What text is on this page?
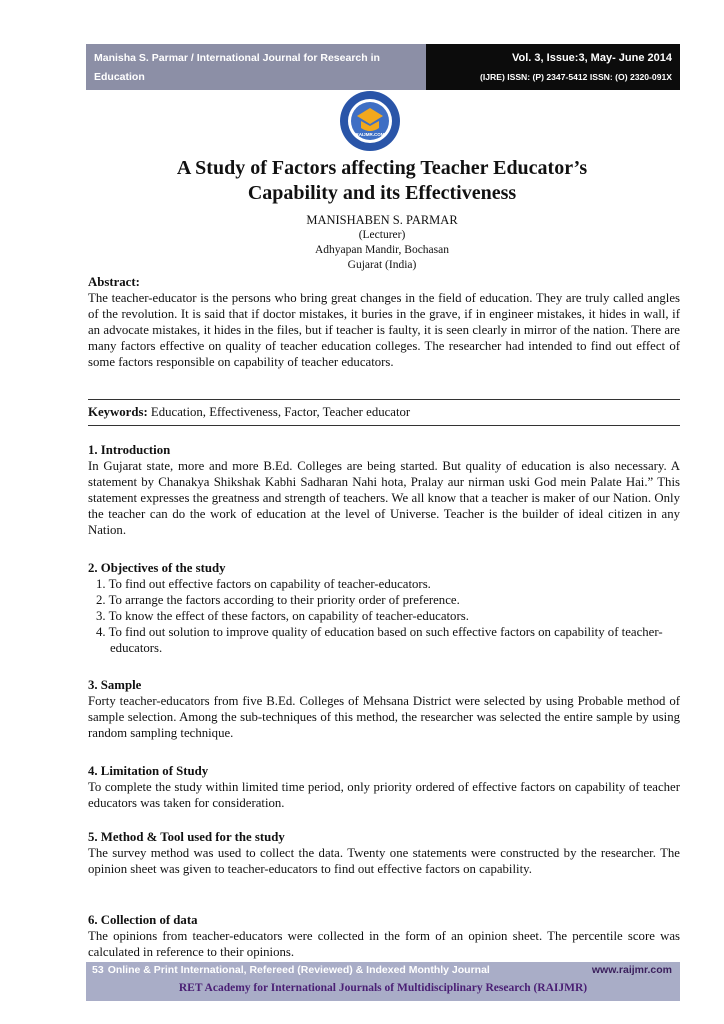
Manisha S. Parmar / International Journal for Research in
Education
Vol. 3, Issue:3, May- June 2014
(IJRE) ISSN: (P) 2347-5412 ISSN: (O) 2320-091X
RAIJMR.COM
A Study of Factors affecting Teacher Educator’s
Capability and its Effectiveness
MANISHABEN S. PARMAR
(Lecturer)
Adhyapan Mandir, Bochasan
Gujarat (India)
Abstract:
The teacher-educator is the persons who bring great changes in the field of education. They are truly called angles of the revolution. It is said that if doctor mistakes, it buries in the grave, if in engineer mistakes, it hides in wall, if an advocate mistakes, it hides in the files, but if teacher is faulty, it is seen clearly in mirror of the nation. There are many factors effective on quality of teacher education colleges. The researcher had intended to find out effect of some factors responsible on capability of teacher educators.
Keywords: Education, Effectiveness, Factor, Teacher educator
1. Introduction
In Gujarat state, more and more B.Ed. Colleges are being started. But quality of education is also necessary. A statement by Chanakya Shikshak Kabhi Sadharan Nahi hota, Pralay aur nirman uski God mein Palate Hai.” This statement expresses the greatness and strength of teachers. We all know that a teacher is maker of our Nation. Only the teacher can do the work of education at the level of Universe. Teacher is the builder of ideal citizen in any Nation.
2. Objectives of the study
1. To find out effective factors on capability of teacher-educators.
2. To arrange the factors according to their priority order of preference.
3. To know the effect of these factors, on capability of teacher-educators.
4. To find out solution to improve quality of education based on such effective factors on capability of teacher-educators.
3. Sample
Forty teacher-educators from five B.Ed. Colleges of Mehsana District were selected by using Probable method of sample selection. Among the sub-techniques of this method, the researcher was selected the entire sample by using random sampling technique.
4. Limitation of Study
To complete the study within limited time period, only priority ordered of effective factors on capability of teacher educators was taken for consideration.
5. Method & Tool used for the study
The survey method was used to collect the data. Twenty one statements were constructed by the researcher. The opinion sheet was given to teacher-educators to find out effective factors on capability.
6. Collection of data
The opinions from teacher-educators were collected in the form of an opinion sheet. The percentile score was calculated in reference to their opinions.
53 Online & Print International, Refereed (Reviewed) & Indexed Monthly Journal	www.raijmr.com
RET Academy for International Journals of Multidisciplinary Research (RAIJMR)
